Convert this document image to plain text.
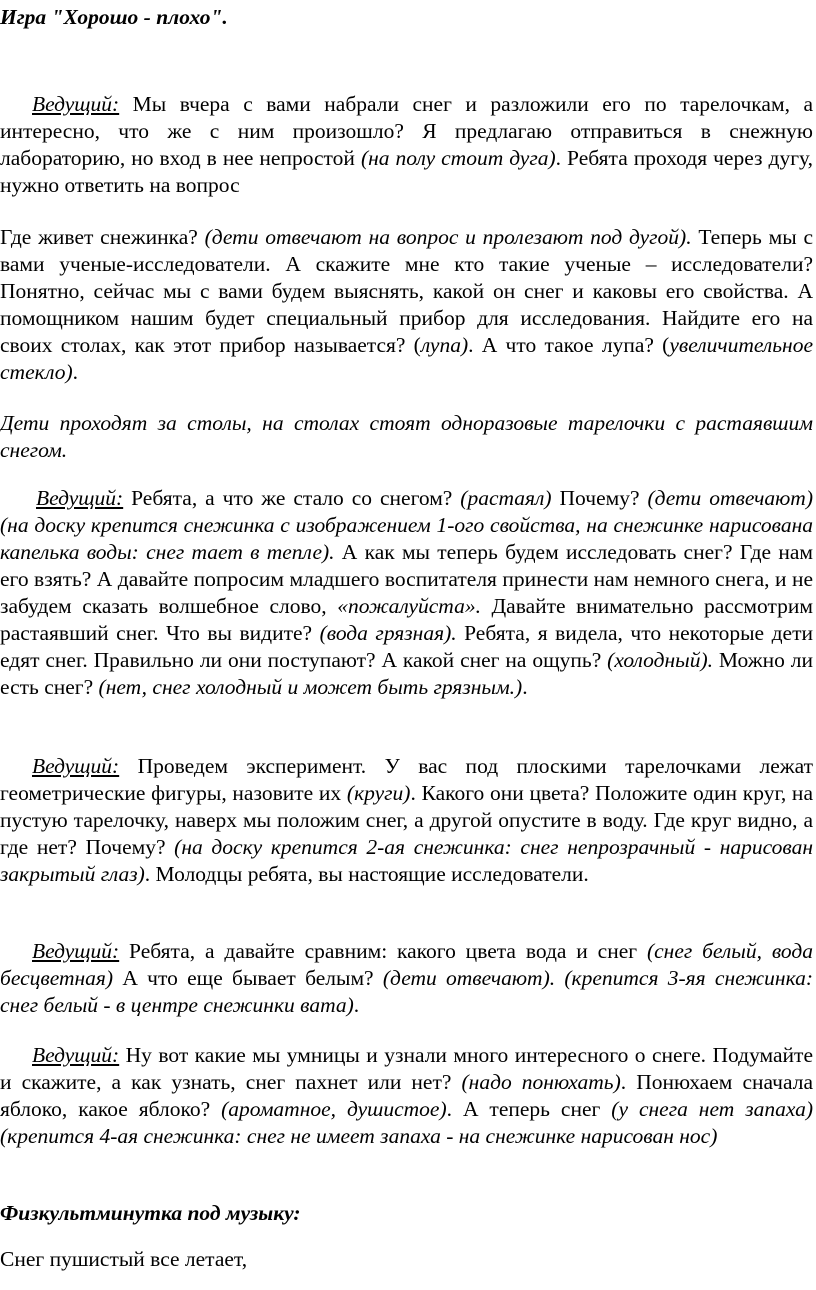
Игра "Хорошо - плохо".
Ведущий: Мы вчера с вами набрали снег и разложили его по тарелочкам, а интересно, что же с ним произошло? Я предлагаю отправиться в снежную лабораторию, но вход в нее непростой (на полу стоит дуга). Ребята проходя через дугу, нужно ответить на вопрос
Где живет снежинка? (дети отвечают на вопрос и пролезают под дугой). Теперь мы с вами ученые-исследователи. А скажите мне кто такие ученые – исследователи? Понятно, сейчас мы с вами будем выяснять, какой он снег и каковы его свойства. А помощником нашим будет специальный прибор для исследования. Найдите его на своих столах, как этот прибор называется? (лупа). А что такое лупа? (увеличительное стекло).
Дети проходят за столы, на столах стоят одноразовые тарелочки с растаявшим снегом.
Ведущий: Ребята, а что же стало со снегом? (растаял) Почему? (дети отвечают) (на доску крепится снежинка с изображением 1-ого свойства, на снежинке нарисована капелька воды: снег тает в тепле). А как мы теперь будем исследовать снег? Где нам его взять? А давайте попросим младшего воспитателя принести нам немного снега, и не забудем сказать волшебное слово, «пожалуйста». Давайте внимательно рассмотрим растаявший снег. Что вы видите? (вода грязная). Ребята, я видела, что некоторые дети едят снег. Правильно ли они поступают? А какой снег на ощупь? (холодный). Можно ли есть снег? (нет, снег холодный и может быть грязным.).
Ведущий: Проведем эксперимент. У вас под плоскими тарелочками лежат геометрические фигуры, назовите их (круги). Какого они цвета? Положите один круг, на пустую тарелочку, наверх мы положим снег, а другой опустите в воду. Где круг видно, а где нет? Почему? (на доску крепится 2-ая снежинка: снег непрозрачный - нарисован закрытый глаз). Молодцы ребята, вы настоящие исследователи.
Ведущий: Ребята, а давайте сравним: какого цвета вода и снег (снег белый, вода бесцветная) А что еще бывает белым? (дети отвечают). (крепится 3-яя снежинка: снег белый - в центре снежинки вата).
Ведущий: Ну вот какие мы умницы и узнали много интересного о снеге. Подумайте и скажите, а как узнать, снег пахнет или нет? (надо понюхать). Понюхаем сначала яблоко, какое яблоко? (ароматное, душистое). А теперь снег (у снега нет запаха) (крепится 4-ая снежинка: снег не имеет запаха - на снежинке нарисован нос)
Физкультминутка под музыку:
Снег пушистый все летает,
